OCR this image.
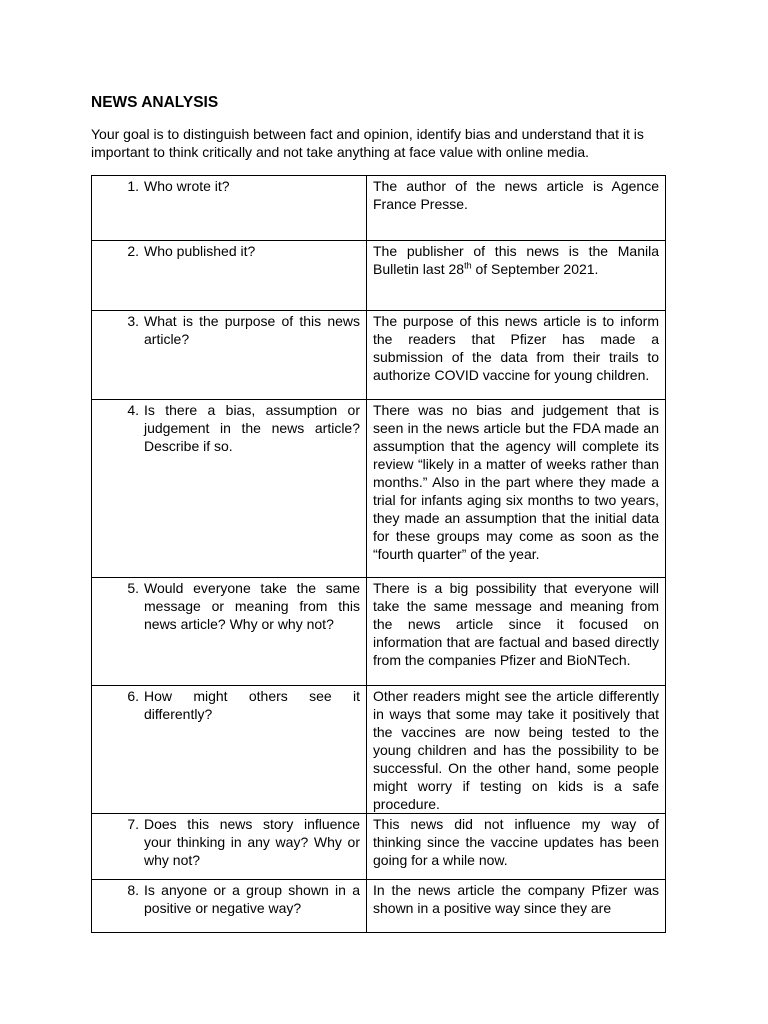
NEWS ANALYSIS

Your goal is to distinguish between fact and opinion, identify bias and understand that it is important to think critically and not take anything at face value with online media.

1. Who wrote it?	The author of the news article is Agence France Presse.

2. Who published it?	The publisher of this news is the Manila Bulletin last 28th of September 2021.

3. What is the purpose of this news article?	The purpose of this news article is to inform the readers that Pfizer has made a submission of the data from their trails to authorize COVID vaccine for young children.

4. Is there a bias, assumption or judgement in the news article? Describe if so.	There was no bias and judgement that is seen in the news article but the FDA made an assumption that the agency will complete its review “likely in a matter of weeks rather than months.” Also in the part where they made a trial for infants aging six months to two years, they made an assumption that the initial data for these groups may come as soon as the “fourth quarter” of the year.

5. Would everyone take the same message or meaning from this news article? Why or why not?	There is a big possibility that everyone will take the same message and meaning from the news article since it focused on information that are factual and based directly from the companies Pfizer and BioNTech.

6. How might others see it differently?	Other readers might see the article differently in ways that some may take it positively that the vaccines are now being tested to the young children and has the possibility to be successful. On the other hand, some people might worry if testing on kids is a safe procedure.

7. Does this news story influence your thinking in any way? Why or why not?	This news did not influence my way of thinking since the vaccine updates has been going for a while now.

8. Is anyone or a group shown in a positive or negative way?	In the news article the company Pfizer was shown in a positive way since they are
